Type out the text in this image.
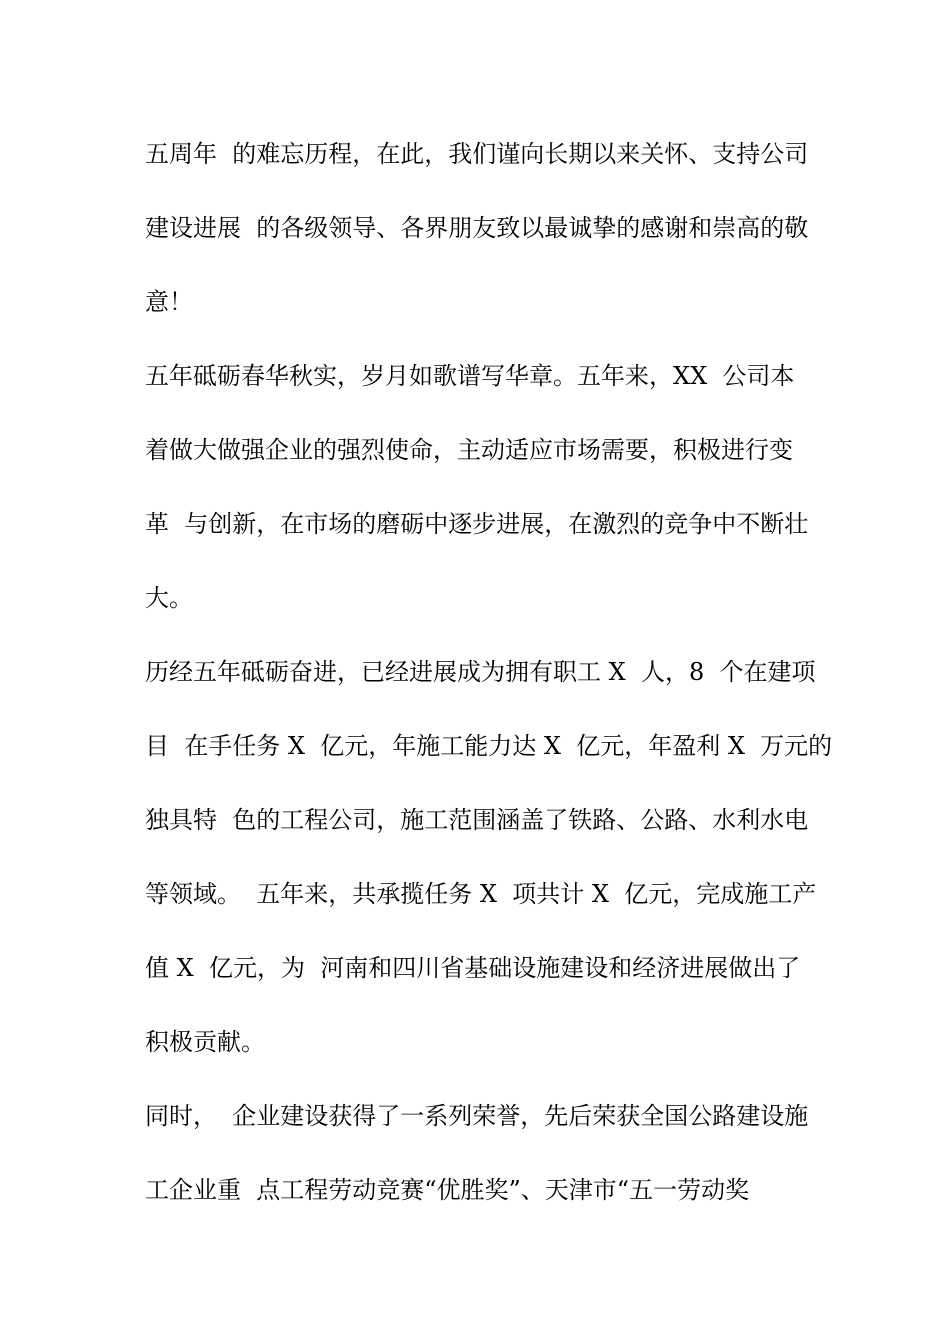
五周年  的难忘历程，在此，我们谨向长期以来关怀、支持公司
建设进展  的各级领导、各界朋友致以最诚挚的感谢和崇高的敬
意！
五年砥砺春华秋实，岁月如歌谱写华章。五年来，XX  公司本
着做大做强企业的强烈使命，主动适应市场需要，积极进行变
革  与创新，在市场的磨砺中逐步进展，在激烈的竞争中不断壮
大。
历经五年砥砺奋进，已经进展成为拥有职工 X  人，8  个在建项
目  在手任务 X  亿元，年施工能力达 X  亿元，年盈利 X  万元的
独具特  色的工程公司，施工范围涵盖了铁路、公路、水利水电
等领域。  五年来，共承揽任务 X  项共计 X  亿元，完成施工产
值 X  亿元，为  河南和四川省基础设施建设和经济进展做出了
积极贡献。
同时，  企业建设获得了一系列荣誉，先后荣获全国公路建设施
工企业重  点工程劳动竞赛“优胜奖”、天津市“五一劳动奖
